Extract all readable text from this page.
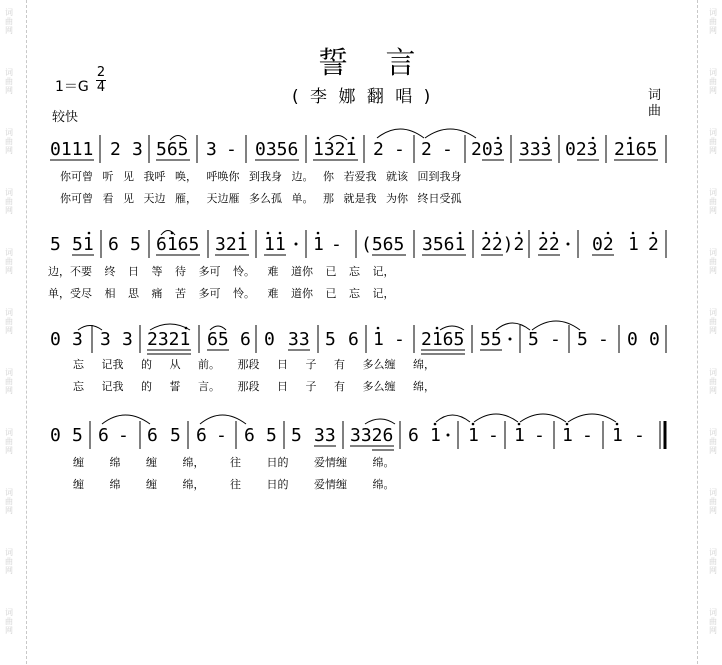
词
曲
网
词
曲
网
词
曲
网
词
曲
网
词
曲
网
词
曲
网
词
曲
网
词
曲
网
词
曲
网
词
曲
网
词
曲
网
词
曲
网
词
曲
网
词
曲
网
词
曲
网
词
曲
网
词
曲
网
词
曲
网
词
曲
网
词
曲
网
词
曲
网
词
曲
网
誓 言
( 李 娜 翻 唱 )
1＝G
2
4
较快
词
曲
0111 2 3 565 3 - 0356 1321 2 - 2 - 203 333 023 2165
你可曾 听 见 我呼 唤， 呼唤你 到我身 边。 你 若爱我 就该 回到我身
你可曾 看 见 天边 雁， 天边雁 多么孤 单。 那 就是我 为你 终日受孤
5 51 6 5 6165 321 11 1 - (565 3561 22)2 22 02 1 2
边，不要 终 日 等 待 多可 怜。 难 道你 已 忘 记，
单，受尽 相 思 痛 苦 多可 怜。 难 道你 已 忘 记，
0 3 3 3 2321 65 6 0 33 5 6 1 - 2165 55 5 - 5 - 0 0
忘 记我 的 从 前。 那段 日 子 有 多么缠 绵，
忘 记我 的 誓 言。 那段 日 子 有 多么缠 绵，
0 5 6 - 6 5 6 - 6 5 5 33 3326 6 1 1 - 1 - 1 - 1 -
缠 绵 缠 绵， 往 日的 爱情缠 绵。
缠 绵 缠 绵， 往 日的 爱情缠 绵。
